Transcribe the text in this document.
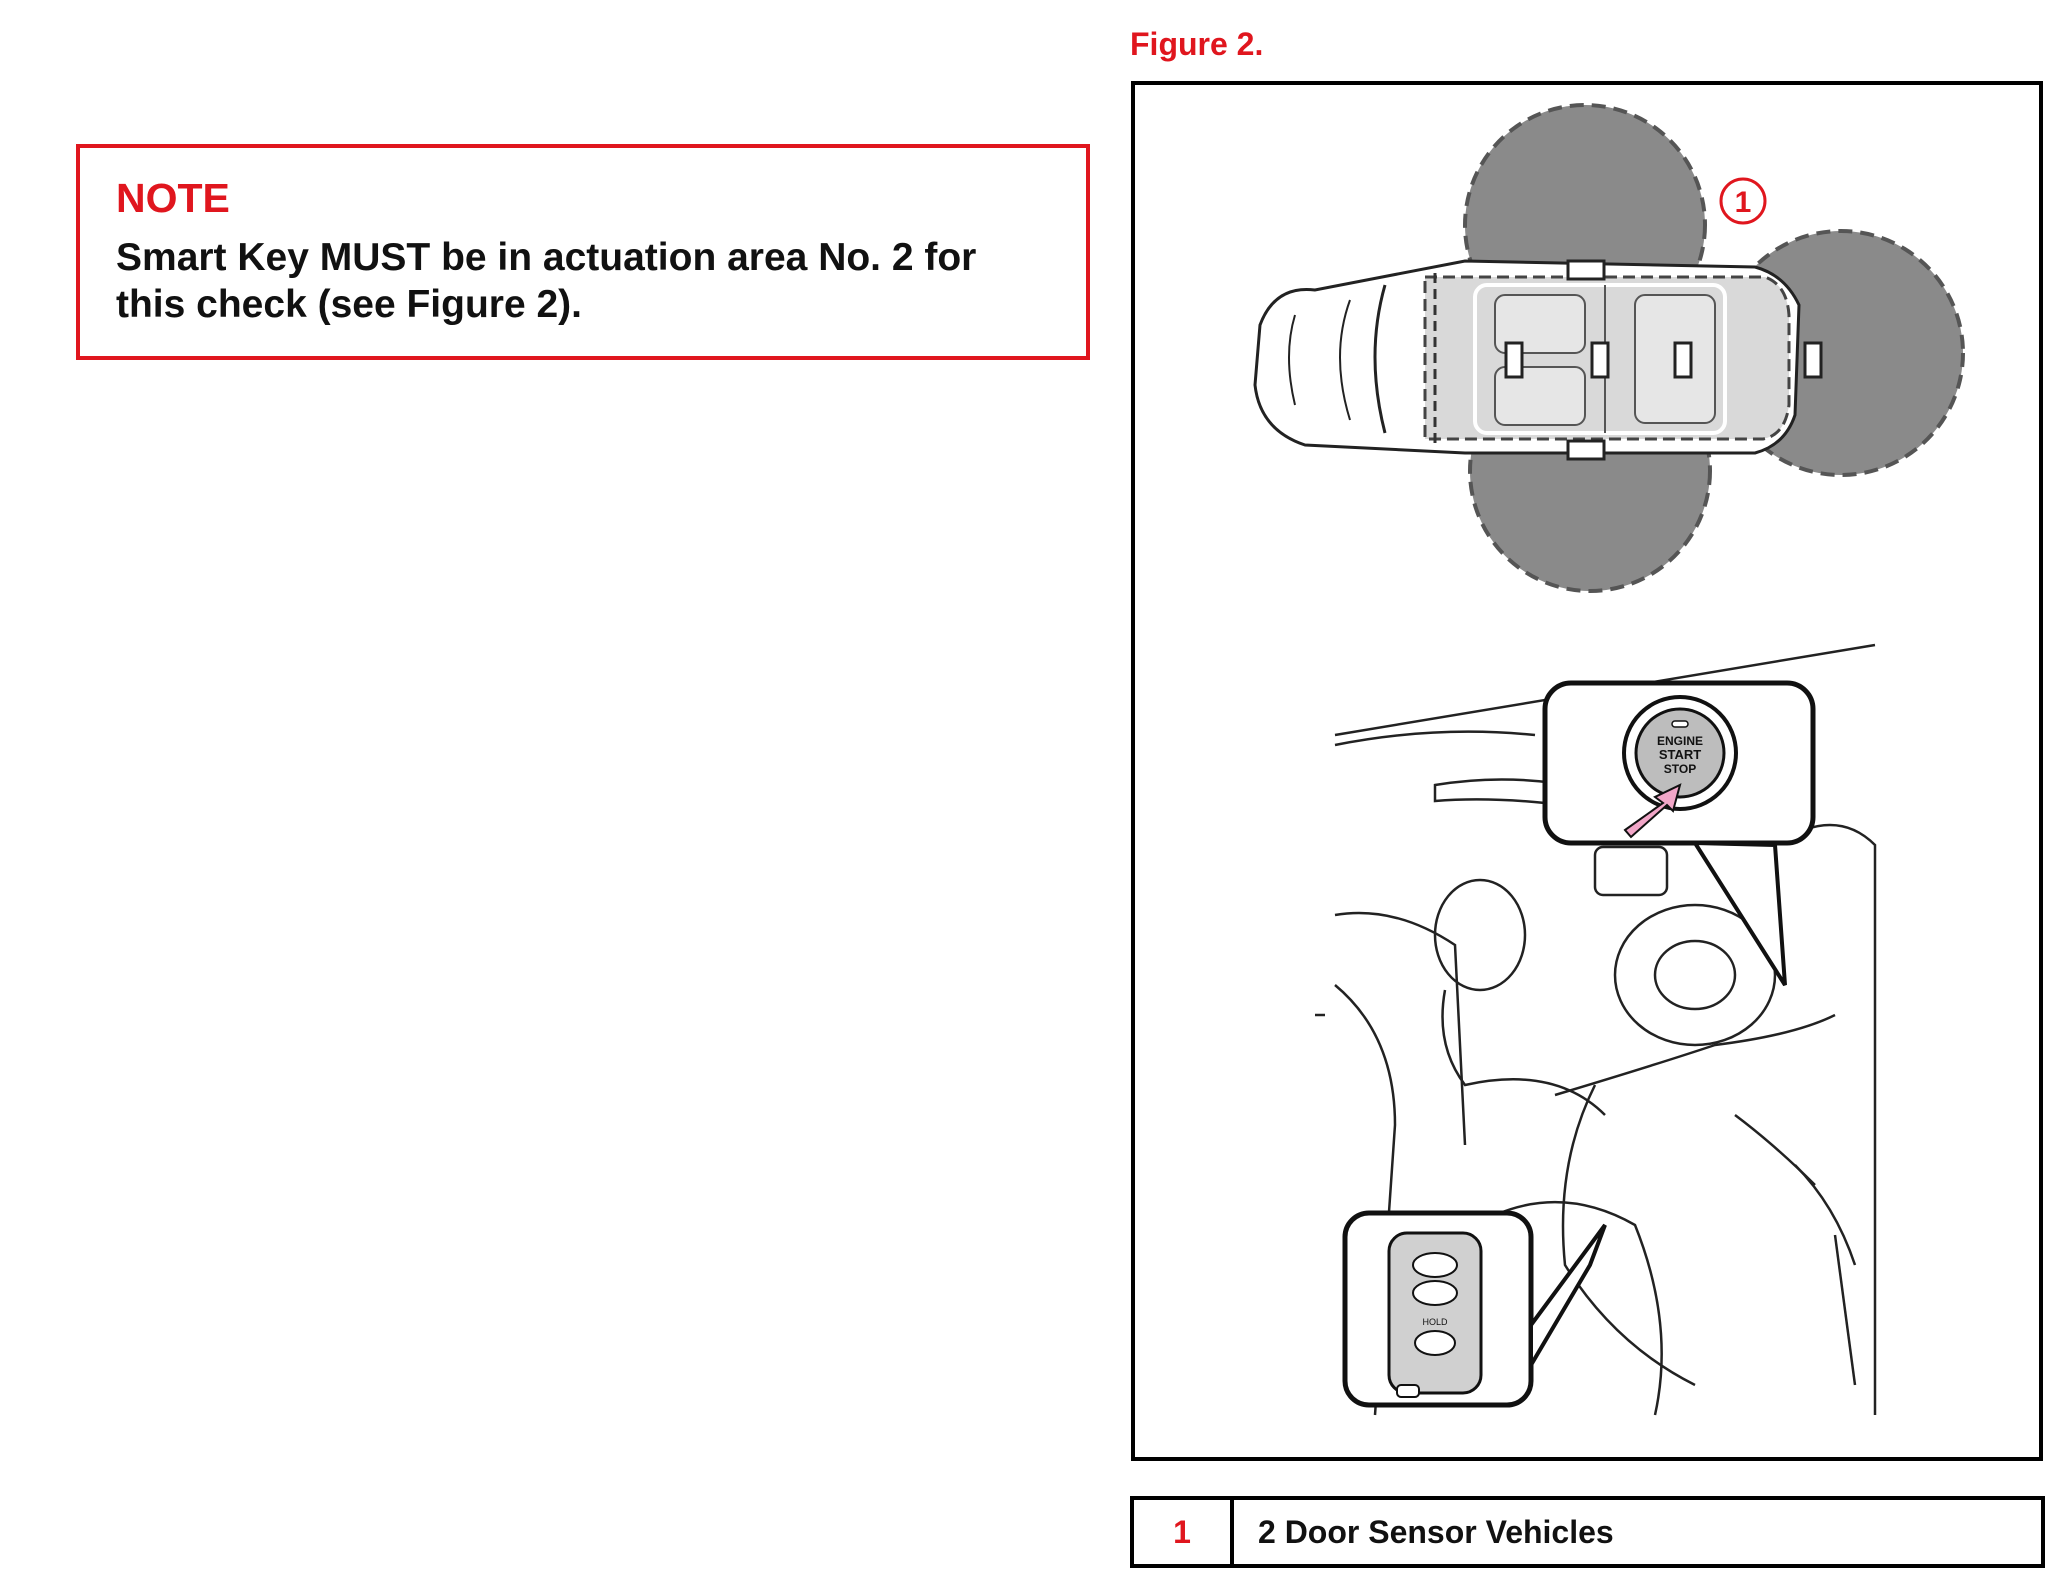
NOTE

Smart Key MUST be in actuation area No. 2 for
this check (see Figure 2).

Figure 2.
1
ENGINE
START
STOP
HOLD
1	2 Door Sensor Vehicles
